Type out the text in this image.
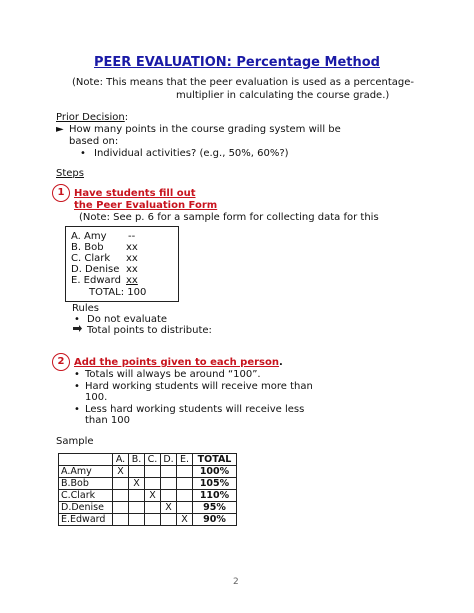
PEER EVALUATION: Percentage Method
(Note: This means that the peer evaluation is used as a percentage-
multiplier in calculating the course grade.)
Prior Decision:
► How many points in the course grading system will be
based on:
• Individual activities? (e.g., 50%, 60%?)
Steps
1 Have students fill out
the Peer Evaluation Form
(Note: See p. 6 for a sample form for collecting data for this
A. Amy --
B. Bob xx
C. Clark xx
D. Denise xx
E. Edward xx
TOTAL: 100
Rules
• Do not evaluate
Total points to distribute:
2 Add the points given to each person.
• Totals will always be around “100”.
• Hard working students will receive more than
100.
• Less hard working students will receive less
than 100
Sample
	A.	B.	C.	D.	E.	TOTAL
A.Amy	X					100%
B.Bob		X				105%
C.Clark			X			110%
D.Denise				X		95%
E.Edward					X	90%
2
